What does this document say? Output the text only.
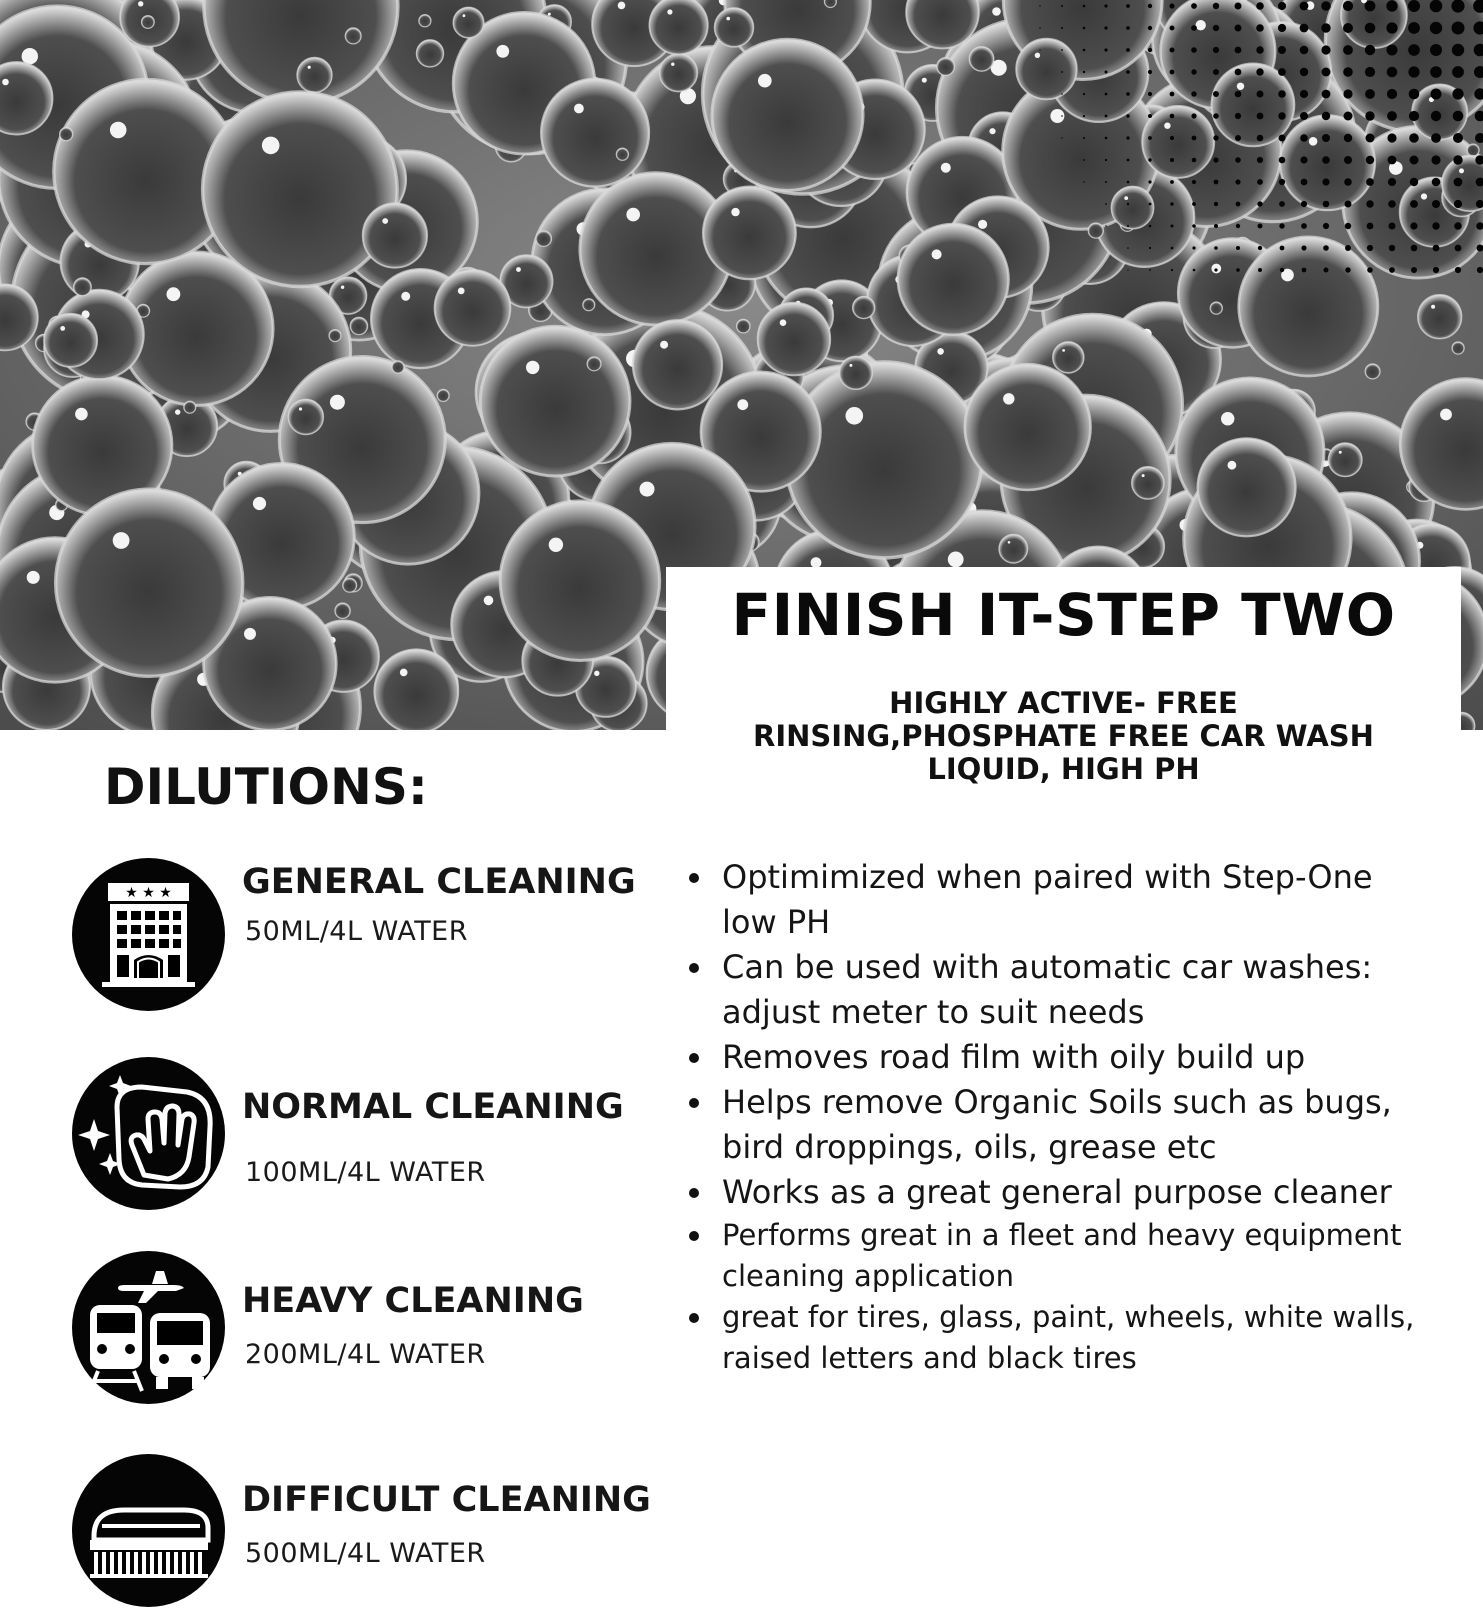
FINISH IT-STEP TWO
HIGHLY ACTIVE- FREE
RINSING,PHOSPHATE FREE CAR WASH
LIQUID, HIGH PH
DILUTIONS:
★ ★ ★ GENERAL CLEANING
50ML/4L WATER
NORMAL CLEANING
100ML/4L WATER
HEAVY CLEANING
200ML/4L WATER
DIFFICULT CLEANING
500ML/4L WATER
Optimimized when paired with Step-One low PH
Can be used with automatic car washes: adjust meter to suit needs
Removes road film with oily build up
Helps remove Organic Soils such as bugs, bird droppings, oils, grease etc
Works as a great general purpose cleaner
Performs great in a fleet and heavy equipment cleaning application
great for tires, glass, paint, wheels, white walls, raised letters and black tires
